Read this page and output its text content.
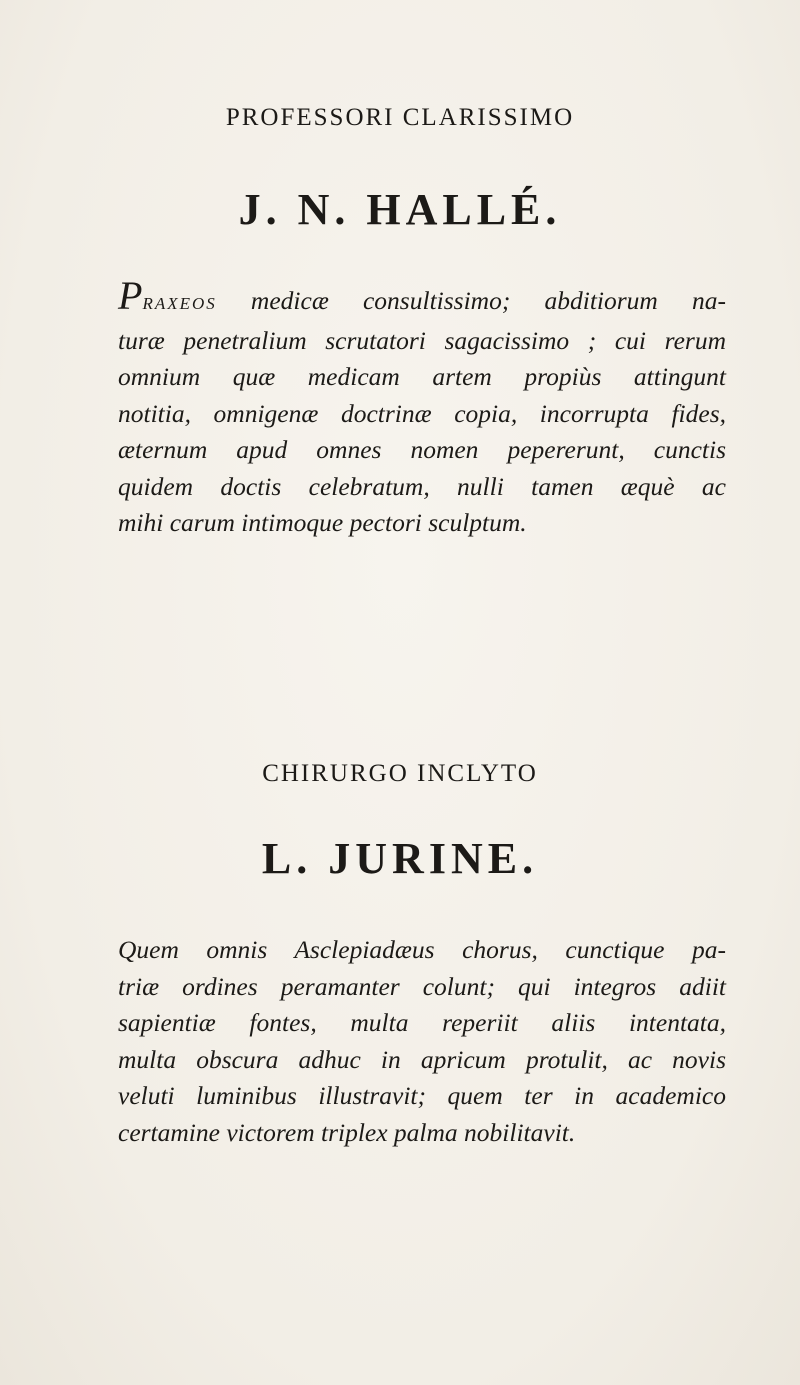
PROFESSORI CLARISSIMO
J. N. HALLÉ.
PRAXEOS medicæ consultissimo; abditiorum na-
turæ penetralium scrutatori sagacissimo ; cui rerum
omnium quæ medicam artem propiùs attingunt
notitia, omnigenæ doctrinæ copia, incorrupta fides,
æternum apud omnes nomen pepererunt, cunctis
quidem doctis celebratum, nulli tamen æquè ac
mihi carum intimoque pectori sculptum.
CHIRURGO INCLYTO
L. JURINE.
Quem omnis Asclepiadæus chorus, cunctique pa-
triæ ordines peramanter colunt; qui integros adiit
sapientiæ fontes, multa reperiit aliis intentata,
multa obscura adhuc in apricum protulit, ac novis
veluti luminibus illustravit; quem ter in academico
certamine victorem triplex palma nobilitavit.
